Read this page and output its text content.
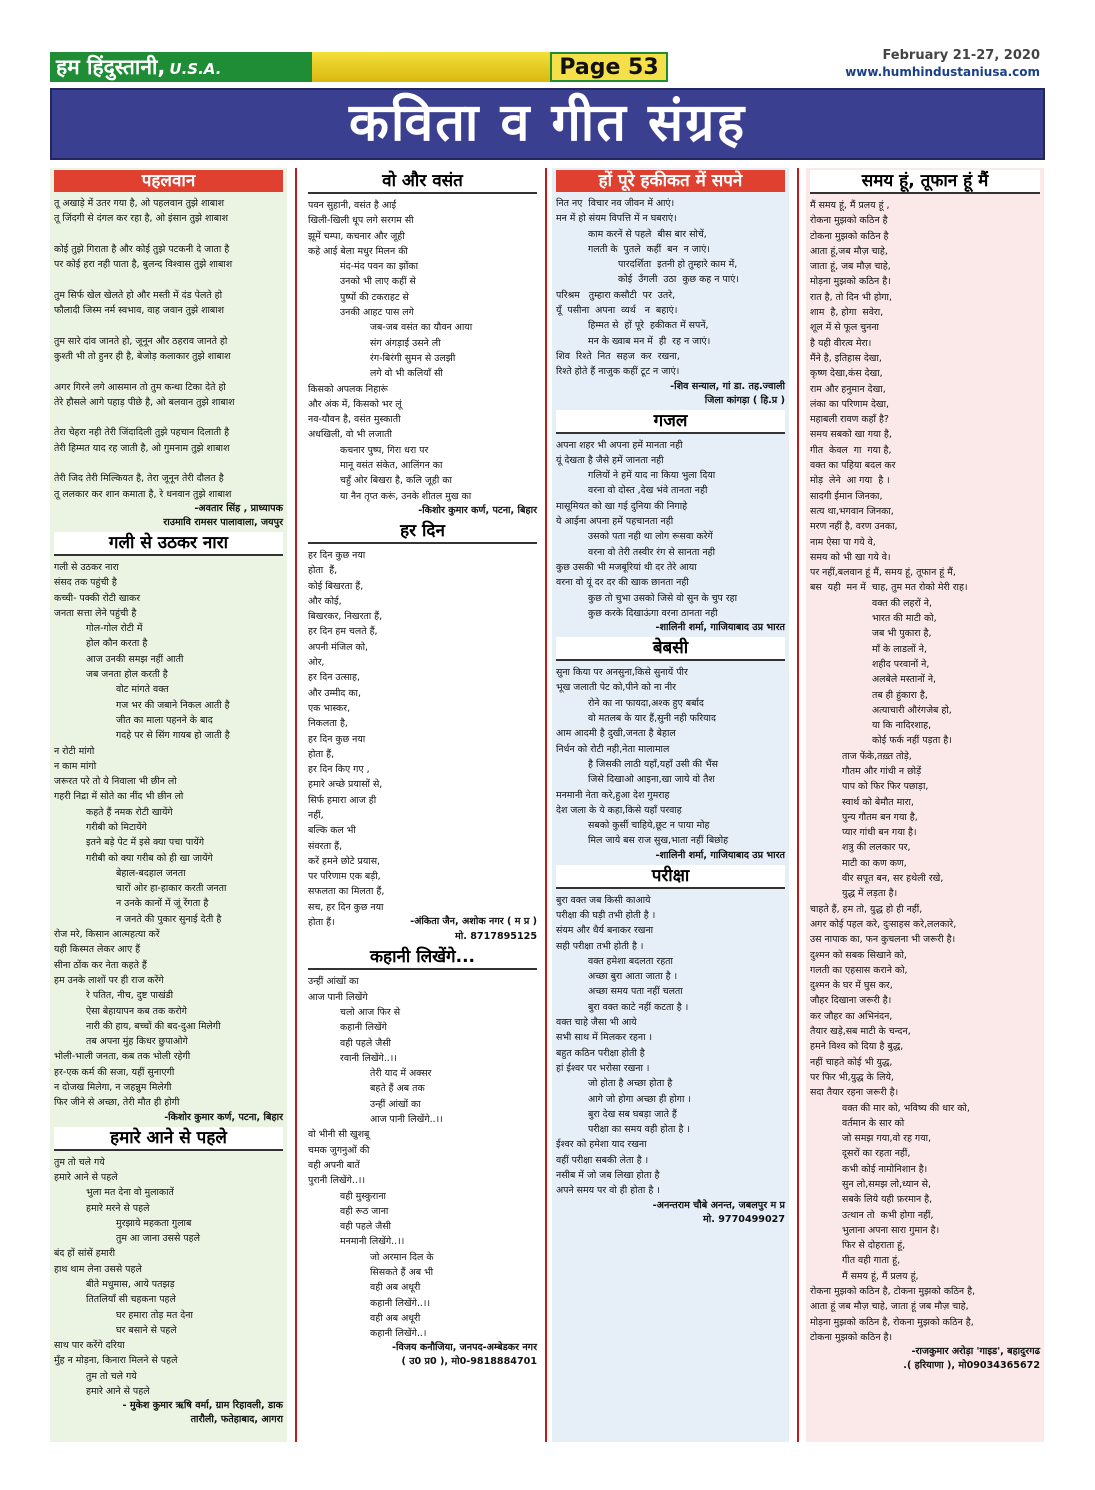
हम हिंदुस्तानी, U.S.A.	Page 53	February 21-27, 2020
www.humhindustaniusa.com
कविता व गीत संग्रह
पहलवान
तू अखाड़े में उतर गया है, ओ पहलवान तुझे शाबाश
तू जिंदगी से दंगल कर रहा है, ओ इंसान तुझे शाबाश
कोई तुझे गिराता है और कोई तुझे पटकनी दे जाता है
पर कोई हरा नही पाता है, बुलन्द विश्वास तुझे शाबाश
तुम सिर्फ खेल खेलते हो और मस्ती में दंड पेलते हो
फौलादी जिस्म नर्म स्वभाव, वाह जवान तुझे शाबाश
तुम सारे दांव जानते हो, जूनून और ठहराव जानते हो
कुश्ती भी तो हुनर ही है, बेजोड़ कलाकार तुझे शाबाश
अगर गिरने लगे आसमान तो तुम कन्धा टिका देते हो
तेरे हौसले आगे पहाड़ पीछे है, ओ बलवान तुझे शाबाश
तेरा चेहरा नही तेरी जिंदादिली तुझे पहचान दिलाती है
तेरी हिम्मत याद रह जाती है, ओ गुमनाम तुझे शाबाश
तेरी जिद तेरी मिल्कियत है, तेरा जूनून तेरी दौलत है
तू ललकार कर शान कमाता है, रे धनवान तुझे शाबाश
-अवतार सिंह , प्राध्यापक
राउमावि रामसर पालावाला, जयपुर
गली से उठकर नारा
गली से उठकर नारा
संसद तक पहुंची है
कच्ची- पक्की रोटी खाकर
जनता सत्ता लेने पहुंची है
गोल-गोल रोटी में
होल कौन करता है
आज उनकी समझ नहीं आती
जब जनता होल करती है
वोट मांगते वक्त
गज भर की जबाने निकल आती है
जीत का माला पहनने के बाद
गदहे पर से सिंग गायब हो जाती है
न रोटी मांगो
न काम मांगो
जरूरत परे तो ये निवाला भी छीन लो
गहरी निद्रा में सोते का नींद भी छीन लो
कहते हैं नमक रोटी खायेंगे
गरीबी को मिटायेंगे
इतने बड़े पेट में इसे क्या पचा पायेंगे
गरीबी को क्या गरीब को ही खा जायेंगे
बेहाल-बदहाल जनता
चारों ओर हा-हाकार करती जनता
न उनके कानों में जूं रेंगता है
न जनते की पुकार सुनाई देती है
रोज मरे, किसान आत्महत्या करें
यही किस्मत लेकर आए हैं
सीना ठोंक कर नेता कहते हैं
हम उनके लाशों पर ही राज करेंगे
रे पतित, नीच, दुष्ट पाखंडी
ऐसा बेहायापन कब तक करोगे
नारी की हाय, बच्चों की बद-दुआ मिलेगी
तब अपना मुंह किधर छुपाओगे
भोली-भाली जनता, कब तक भोली रहेगी
हर-एक कर्म की सजा, यहीं सुनाएगी
न दोजख मिलेगा, न जहन्नुम मिलेगी
फिर जीने से अच्छा, तेरी मौत ही होगी
-किशोर कुमार कर्ण, पटना, बिहार
हमारे आने से पहले
तुम तो चले गये
हमारे आने से पहले
भुला मत देना वो मुलाकातें
हमारे मरने से पहले
मुरझाये महकता गुलाब
तुम आ जाना उससे पहले
बंद हों सांसें हमारी
हाथ थाम लेना उससे पहले
बीते मधुमास, आये पतझड़
तितलियाँ सी चहकना पहले
घर हमारा तोड़ मत देना
घर बसाने से पहले
साथ पार करेंगे दरिया
मुँह न मोड़ना, किनारा मिलने से पहले
तुम तो चले गये
हमारे आने से पहले
- मुकेश कुमार ऋषि वर्मा, ग्राम रिहावली, डाक
तारौली, फतेहाबाद, आगरा
वो और वसंत
पवन सुहानी, वसंत है आई
खिली-खिली धूप लगे सरगम सी
झूमें चम्पा, कचनार और जूही
कहे आई बेला मधुर मिलन की
मंद-मंद पवन का झोंका
उनको भी लाए कहीं से
पुष्पों की टकराहट से
उनकी आहट पास लगे
जब-जब वसंत का यौवन आया
संग अंगड़ाई उसने ली
रंग-बिरंगी सुमन से उलझी
लगे वो भी कलियाँ सी
किसको अपलक निहारूं
और अंक में, किसको भर लूं
नव-यौवन है, वसंत मुस्काती
अधखिली, वो भी लजाती
कचनार पुष्प, गिरा धरा पर
मानू वसंत संकेत, आलिंगन का
चहुँ ओर बिखरा है, कलि जूही का
या नैन तृप्त करूं, उनके शीतल मुख का
-किशोर कुमार कर्ण, पटना, बिहार
हर दिन
हर दिन कुछ नया
होता  हैं,
कोई बिखरता हैं,
और कोई,
बिखरकर, निखरता हैं,
हर दिन हम चलते हैं,
अपनी मंजिल को,
ओर,
हर दिन उत्साह,
और उम्मीद का,
एक भास्कर,
निकलता है,
हर दिन कुछ नया
होता हैं,
हर दिन किए गए ,
हमारे अच्छे प्रयासों से,
सिर्फ हमारा आज ही
नहीं,
बल्कि कल भी
संवरता हैं,
करें हमने छोटे प्रयास,
पर परिणाम एक बड़ी,
सफलता का मिलता हैं,
सच, हर दिन कुछ नया
होता हैं।	-अंकिता जैन, अशोक नगर ( म प्र )
मो. 8717895125
कहानी लिखेंगे...
उन्हीं आंखों का
आज पानी लिखेंगे
चलो आज फिर से
कहानी लिखेंगे
वही पहले जैसी
रवानी लिखेंगे..।।
तेरी याद में अक्सर
बहते हैं अब तक
उन्हीं आंखों का
आज पानी लिखेंगे..।।
वो भीनी सी खुशबू
चमक जुगनुओं की
वही अपनी बातें
पुरानी लिखेंगे..।।
वही मुस्कुराना
वही रूठ जाना
वही पहले जैसी
मनमानी लिखेंगे..।।
जो अरमान दिल के
सिसकते हैं अब भी
वही अब अधूरी
कहानी लिखेंगे..।।
वही अब अधूरी
कहानी लिखेंगे..।
-विजय कनौजिया, जनपद-अम्बेडकर नगर
( उ0 प्र0 ), मो0-9818884701
हों पूरे हकीकत में सपने
नित नए  विचार नव जीवन में आएं।
मन में हो संयम विपत्ति में न घबराएं।
काम करनें से पहले  बीस बार सोचें,
गलती के  पुतले  कहीं  बन  न जाएं।
पारदर्शिता  इतनी हो तुम्हारे काम में,
कोई  उँगली  उठा  कुछ कह न पाएं।
परिश्रम   तुम्हारा कसौटी  पर  उतरे,
यूँ  पसीना  अपना  व्यर्थ   न  बहाएं।
हिम्मत से  हों पूरे  हकीकत में सपनें,
मन के ख्वाब मन में  ही  रह न जाएं।
शिव  रिश्ते  नित  सहज  कर  रखना,
रिश्ते होते हैं नाजुक कहीं टूट न जाएं।
-शिव सन्याल, गां डा. तह.ज्वाली
जिला कांगड़ा ( हि.प्र )
गजल
अपना शहर भी अपना हमें मानता नही
यूं देखता है जैसे हमें जानता नही
गलियों ने हमें याद ना किया भुला दिया
वरना वो दोस्त ,देख भंवे तानता नही
मासूमियत को खा गई दुनिया की निगाहे
ये आईना अपना हमें पहचानता नही
उसको पता नही था लोग रूसवा करेगें
वरना वो तेरी तस्वीर रंग से सानता नही
कुछ उसकी भी मजबूरियां थी दर तेरे आया
वरना वो यूं दर दर की खाक छानता नही
कुछ तो चुभा उसको जिसे वो सुन के चुप रहा
कुछ करके दिखाऊंगा वरना ठानता नही
-शालिनी शर्मा, गाजियाबाद उप्र भारत
बेबसी
सुना किया पर अनसुना,किसे सुनायें पीर
भूख जलाती पेट को,पीने को ना नीर
रोने का ना फायदा,अश्क हुए बर्बाद
वो मतलब के यार हैं,सुनी नही फरियाद
आम आदमी है दुखी,जनता है बेहाल
निर्धन को रोटी नही,नेता मालामाल
है जिसकी लाठी यहाँ,यहाँ उसी की भैंस
जिसे दिखाओ आइना,खा जाये वो तैश
मनमानी नेता करे,हुआ देश गुमराह
देश जला के ये कहा,किसे यहाँ परवाह
सबको कुर्सी चाहिये,छूट न पाया मोह
मिल जाये बस राज सुख,भाता नहीं बिछोह
-शालिनी शर्मा, गाजियाबाद उप्र भारत
परीक्षा
बुरा वक्त जब किसी काआये
परीक्षा की घड़ी तभी होती है ।
संयम और धैर्य बनाकर रखना
सही परीक्षा तभी होती है ।
वक्त हमेशा बदलता रहता
अच्छा बुरा आता जाता है ।
अच्छा समय पता नहीं चलता
बुरा वक्त काटे नहीं कटता है ।
वक्त चाहे जैसा भी आये
सभी साथ में मिलकर रहना ।
बहुत कठिन परीक्षा होती है
हां ईश्वर पर भरोसा रखना ।
जो होता है अच्छा होता है
आगे जो होगा अच्छा ही होगा ।
बुरा देख सब घबड़ा जाते हैं
परीक्षा का समय वही होता है ।
ईश्वर को हमेशा याद रखना
वहीं परीक्षा सबकी लेता है ।
नसीब में जो जब लिखा होता है
अपने समय पर वो ही होता है ।
-अनन्तराम चौबे अनन्त, जबलपुर म प्र
मो. 9770499027
समय हूं, तूफान हूं मैं
मैं समय हूं, मैं प्रलय हूं ,
रोकना मुझको कठिन है
टोकना मुझको कठिन है
आता हूं,जब मौज़ चाहे,
जाता हूं, जब मौज़ चाहे,
मोड़ना मुझको कठिन है।
रात है, तो दिन भी होगा,
शाम  है, होगा  सवेरा,
शूल में से फूल चुनना
है यही वीरत्व मेरा।
मैंने है, इतिहास देखा,
कृष्ण देखा,कंस देखा,
राम और हनुमान देखा,
लंका का परिणाम देखा,
महाबली रावण कहाँ है?
समय सबको खा गया है,
गीत  केवल  गा  गया है,
वक्त का पहिया बदल कर
मोड़  लेने  आ गया  है ।
सादगी ईमान जिनका,
सत्य था,भगवान जिनका,
मरण नहीं है, वरण उनका,
नाम ऐसा पा गये वे,
समय को भी खा गये वे।
पर नहीं,बलवान हूं मैं, समय हूं, तूफान हूं मैं,
बस  यही  मन में  चाह, तुम मत रोको मेरी राह।
वक्त की लहरों ने,
भारत की माटी को,
जब भी पुकारा है,
माँ के लाडलों ने,
शहीद परवानों ने,
अलबेले मस्तानों ने,
तब ही हुंकारा है,
अत्याचारी औरंगजेब हो,
या कि नादिरशाह,
कोई फर्क नहीं पड़ता है।
ताज फेंके,तख़्त तोड़े,
गौतम और गांधी न छोड़ें
पाप को फिर फिर पछाड़ा,
स्वार्थ को बेमौत मारा,
पुन्य गौतम बन गया है,
प्यार गांधी बन गया है।
शत्रु की ललकार पर,
माटी का कण कण,
वीर सपूत बन, सर हथेली रखे,
युद्ध में लड़ता है।
चाहते हैं, हम तो, युद्ध हो ही नहीं,
अगर कोई पहल करे, दुःसाहस करे,ललकारे,
उस नापाक का, फन कुचलना भी जरूरी है।
दुश्मन को सबक सिखाने को,
गलती का एहसास कराने को,
दुश्मन के घर में घुस कर,
जौहर दिखाना जरूरी है।
कर जौहर का अभिनंदन,
तैयार खड़े,सब माटी के चन्दन,
हमने विश्व को दिया है बुद्ध,
नहीं चाहते कोई भी युद्ध,
पर फिर भी,युद्ध के लिये,
सदा तैयार रहना जरूरी है।
वक्त की मार को, भविष्य की धार को,
वर्तमान के सार को
जो समझ गया,वो रह गया,
दूसरों का रहता नहीं,
कभी कोई नामोनिशान है।
सुन लो,समझ लो,ध्यान से,
सबके लिये यही फ़रमान है,
उत्थान तो  कभी होगा नहीं,
भुलाना अपना सारा गुमान है।
फिर से दोहराता हूं,
गीत वही गाता हूं,
मैं समय हूं, मैं प्रलय हूं,
रोकना मुझको कठिन है, टोकना मुझको कठिन है,
आता हूं जब मौज़ चाहे, जाता हूं जब मौज़ चाहे,
मोड़ना मुझको कठिन है, रोकना मुझको कठिन है,
टोकना मुझको कठिन है।
-राजकुमार अरोड़ा 'गाइड', बहादुरगढ
.( हरियाणा ), मो09034365672
